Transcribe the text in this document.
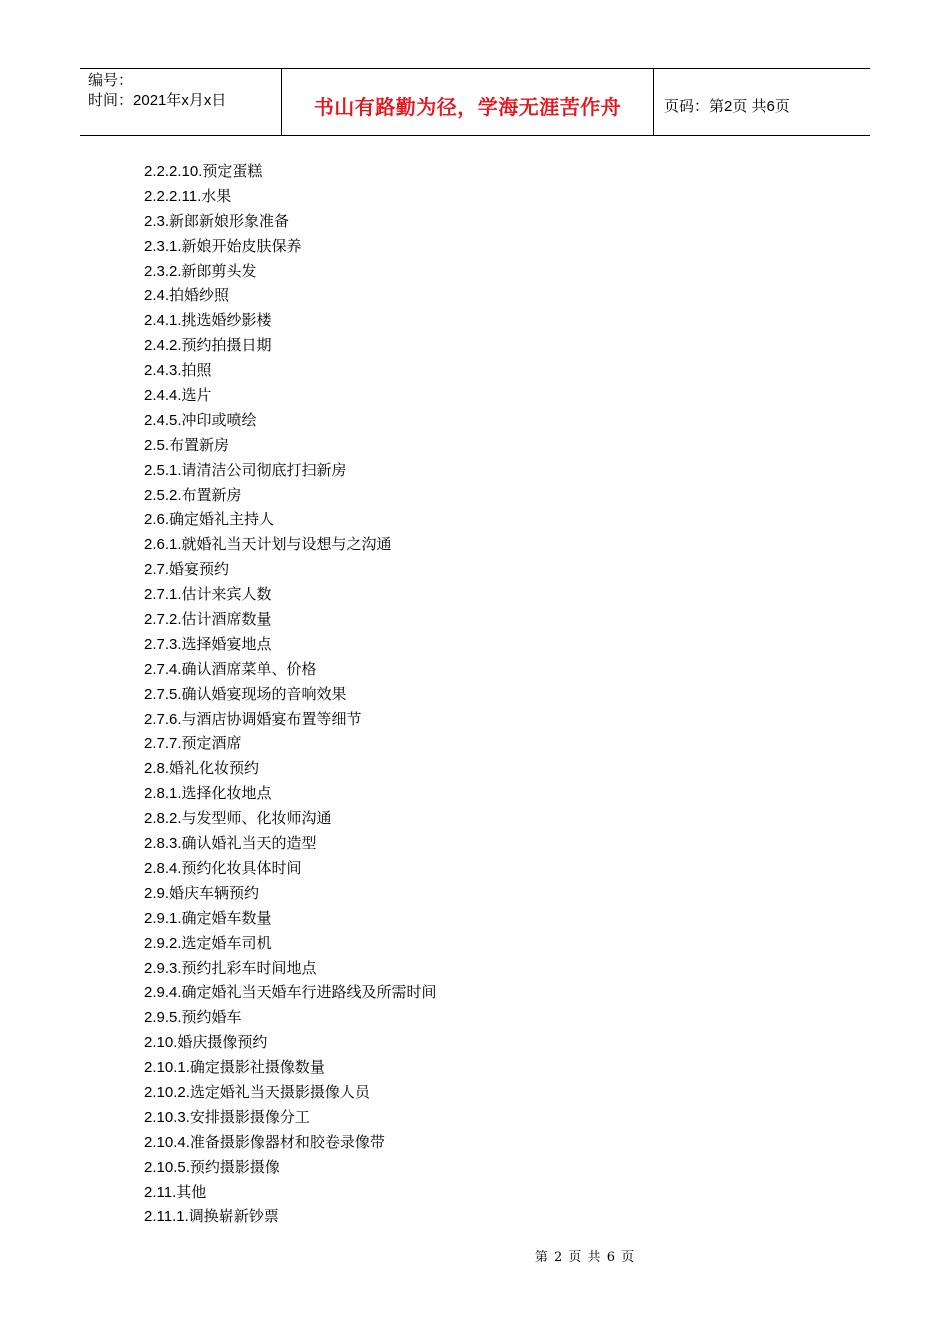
编号：
时间：2021年x月x日	书山有路勤为径，学海无涯苦作舟	页码：第2页 共6页
2.2.2.10.预定蛋糕
2.2.2.11.水果
2.3.新郎新娘形象准备
2.3.1.新娘开始皮肤保养
2.3.2.新郎剪头发
2.4.拍婚纱照
2.4.1.挑选婚纱影楼
2.4.2.预约拍摄日期
2.4.3.拍照
2.4.4.选片
2.4.5.冲印或喷绘
2.5.布置新房
2.5.1.请清洁公司彻底打扫新房
2.5.2.布置新房
2.6.确定婚礼主持人
2.6.1.就婚礼当天计划与设想与之沟通
2.7.婚宴预约
2.7.1.估计来宾人数
2.7.2.估计酒席数量
2.7.3.选择婚宴地点
2.7.4.确认酒席菜单、价格
2.7.5.确认婚宴现场的音响效果
2.7.6.与酒店协调婚宴布置等细节
2.7.7.预定酒席
2.8.婚礼化妆预约
2.8.1.选择化妆地点
2.8.2.与发型师、化妆师沟通
2.8.3.确认婚礼当天的造型
2.8.4.预约化妆具体时间
2.9.婚庆车辆预约
2.9.1.确定婚车数量
2.9.2.选定婚车司机
2.9.3.预约扎彩车时间地点
2.9.4.确定婚礼当天婚车行进路线及所需时间
2.9.5.预约婚车
2.10.婚庆摄像预约
2.10.1.确定摄影社摄像数量
2.10.2.选定婚礼当天摄影摄像人员
2.10.3.安排摄影摄像分工
2.10.4.准备摄影像器材和胶卷录像带
2.10.5.预约摄影摄像
2.11.其他
2.11.1.调换崭新钞票
第 2 页 共 6 页
